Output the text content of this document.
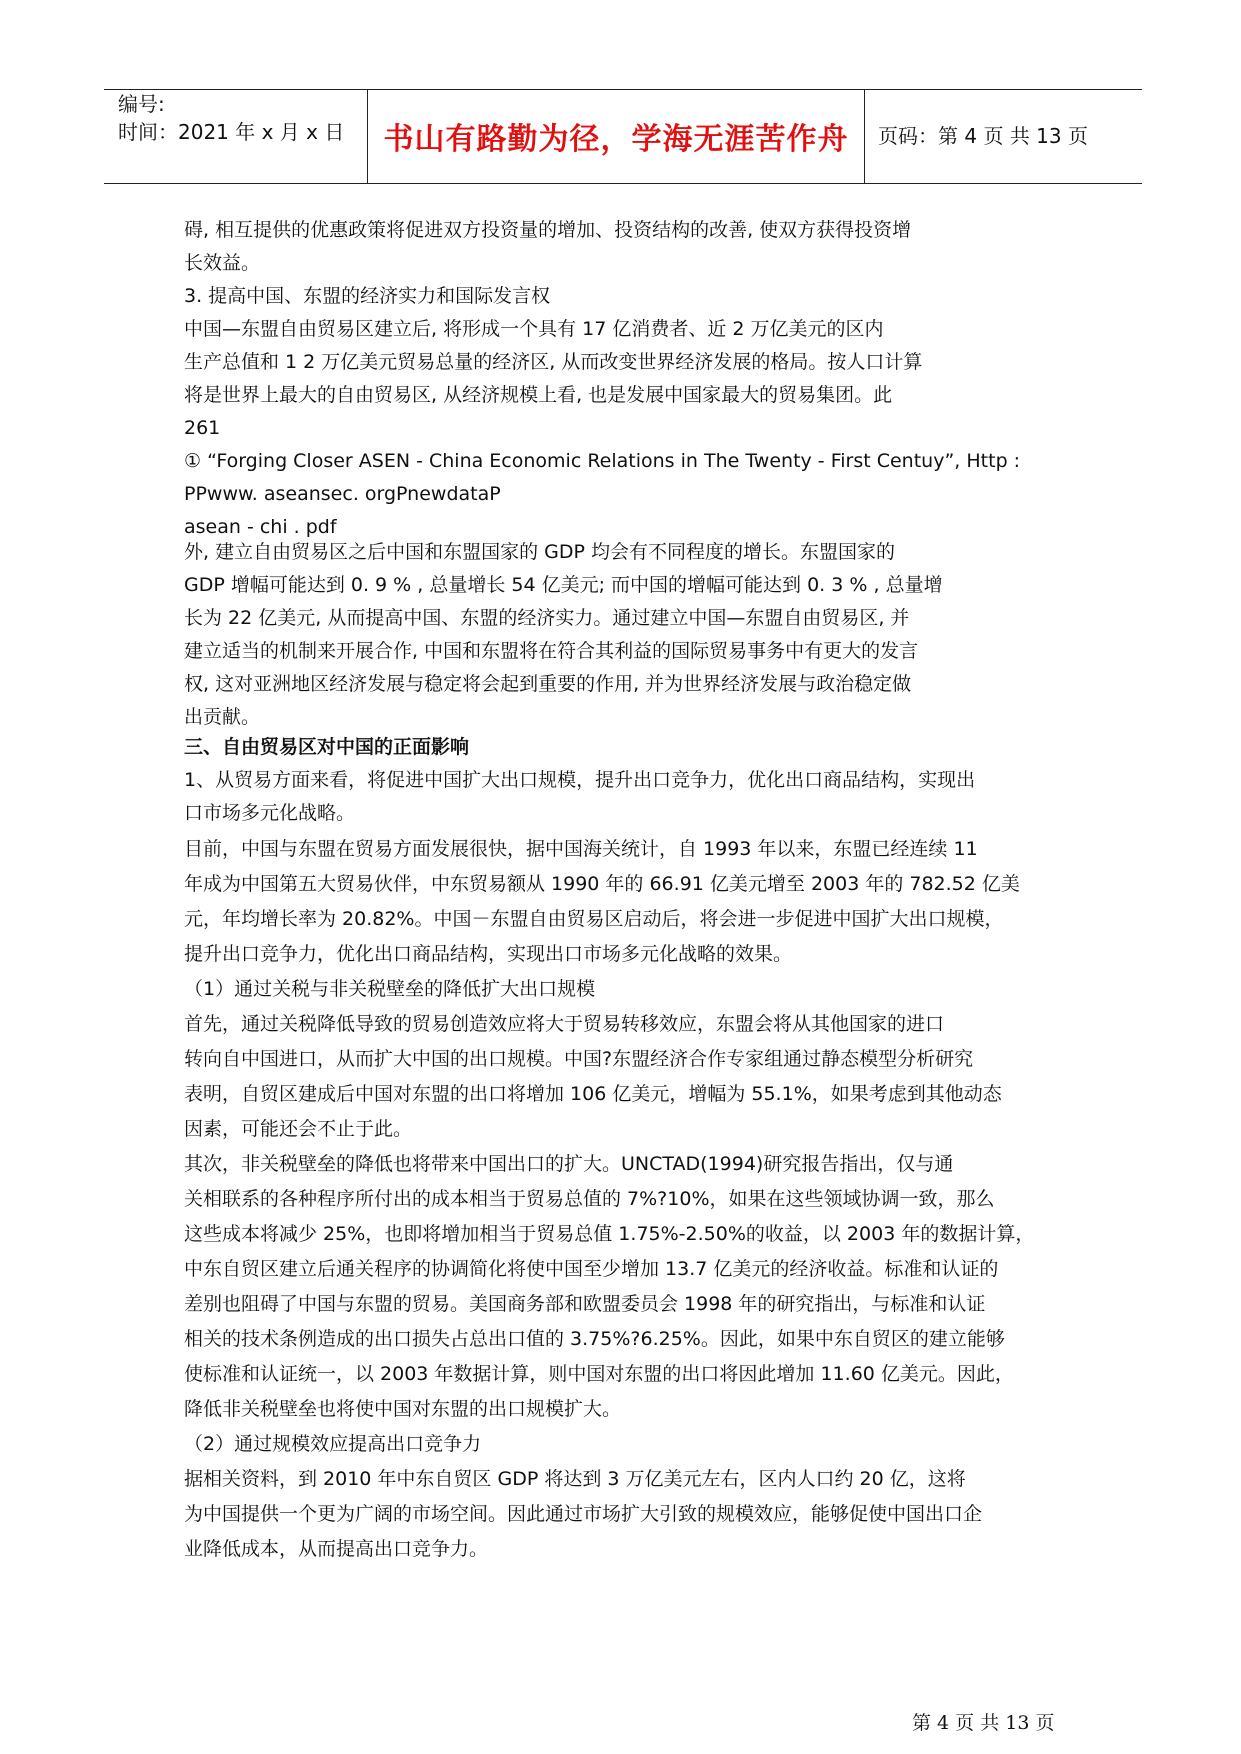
编号:
时间：2021 年 x 月 x 日	书山有路勤为径，学海无涯苦作舟	页码：第 4 页 共 13 页
碍, 相互提供的优惠政策将促进双方投资量的增加、投资结构的改善, 使双方获得投资增
长效益。
3. 提高中国、东盟的经济实力和国际发言权
中国—东盟自由贸易区建立后, 将形成一个具有 17 亿消费者、近 2 万亿美元的区内
生产总值和 1 2 万亿美元贸易总量的经济区, 从而改变世界经济发展的格局。按人口计算
将是世界上最大的自由贸易区, 从经济规模上看, 也是发展中国家最大的贸易集团。此
261
① “Forging Closer ASEN - China Economic Relations in The Twenty - First Centuy”, Http :
PPwww. aseansec. orgPnewdataP
asean - chi . pdf
外, 建立自由贸易区之后中国和东盟国家的 GDP 均会有不同程度的增长。东盟国家的
GDP 增幅可能达到 0. 9 % , 总量增长 54 亿美元; 而中国的增幅可能达到 0. 3 % , 总量增
长为 22 亿美元, 从而提高中国、东盟的经济实力。通过建立中国—东盟自由贸易区, 并
建立适当的机制来开展合作, 中国和东盟将在符合其利益的国际贸易事务中有更大的发言
权, 这对亚洲地区经济发展与稳定将会起到重要的作用, 并为世界经济发展与政治稳定做
出贡献。
三、自由贸易区对中国的正面影响
1、从贸易方面来看，将促进中国扩大出口规模，提升出口竞争力，优化出口商品结构，实现出
口市场多元化战略。
目前，中国与东盟在贸易方面发展很快，据中国海关统计，自 1993 年以来，东盟已经连续 11
年成为中国第五大贸易伙伴，中东贸易额从 1990 年的 66.91 亿美元增至 2003 年的 782.52 亿美
元，年均增长率为 20.82%。中国－东盟自由贸易区启动后，将会进一步促进中国扩大出口规模，
提升出口竞争力，优化出口商品结构，实现出口市场多元化战略的效果。
（1）通过关税与非关税壁垒的降低扩大出口规模
首先，通过关税降低导致的贸易创造效应将大于贸易转移效应，东盟会将从其他国家的进口
转向自中国进口，从而扩大中国的出口规模。中国?东盟经济合作专家组通过静态模型分析研究
表明，自贸区建成后中国对东盟的出口将增加 106 亿美元，增幅为 55.1%，如果考虑到其他动态
因素，可能还会不止于此。
其次，非关税壁垒的降低也将带来中国出口的扩大。UNCTAD(1994)研究报告指出，仅与通
关相联系的各种程序所付出的成本相当于贸易总值的 7%?10%，如果在这些领域协调一致，那么
这些成本将减少 25%，也即将增加相当于贸易总值 1.75%-2.50%的收益，以 2003 年的数据计算，
中东自贸区建立后通关程序的协调简化将使中国至少增加 13.7 亿美元的经济收益。标准和认证的
差别也阻碍了中国与东盟的贸易。美国商务部和欧盟委员会 1998 年的研究指出，与标准和认证
相关的技术条例造成的出口损失占总出口值的 3.75%?6.25%。因此，如果中东自贸区的建立能够
使标准和认证统一，以 2003 年数据计算，则中国对东盟的出口将因此增加 11.60 亿美元。因此，
降低非关税壁垒也将使中国对东盟的出口规模扩大。
（2）通过规模效应提高出口竞争力
据相关资料，到 2010 年中东自贸区 GDP 将达到 3 万亿美元左右，区内人口约 20 亿，这将
为中国提供一个更为广阔的市场空间。因此通过市场扩大引致的规模效应，能够促使中国出口企
业降低成本，从而提高出口竞争力。
第 4 页 共 13 页
